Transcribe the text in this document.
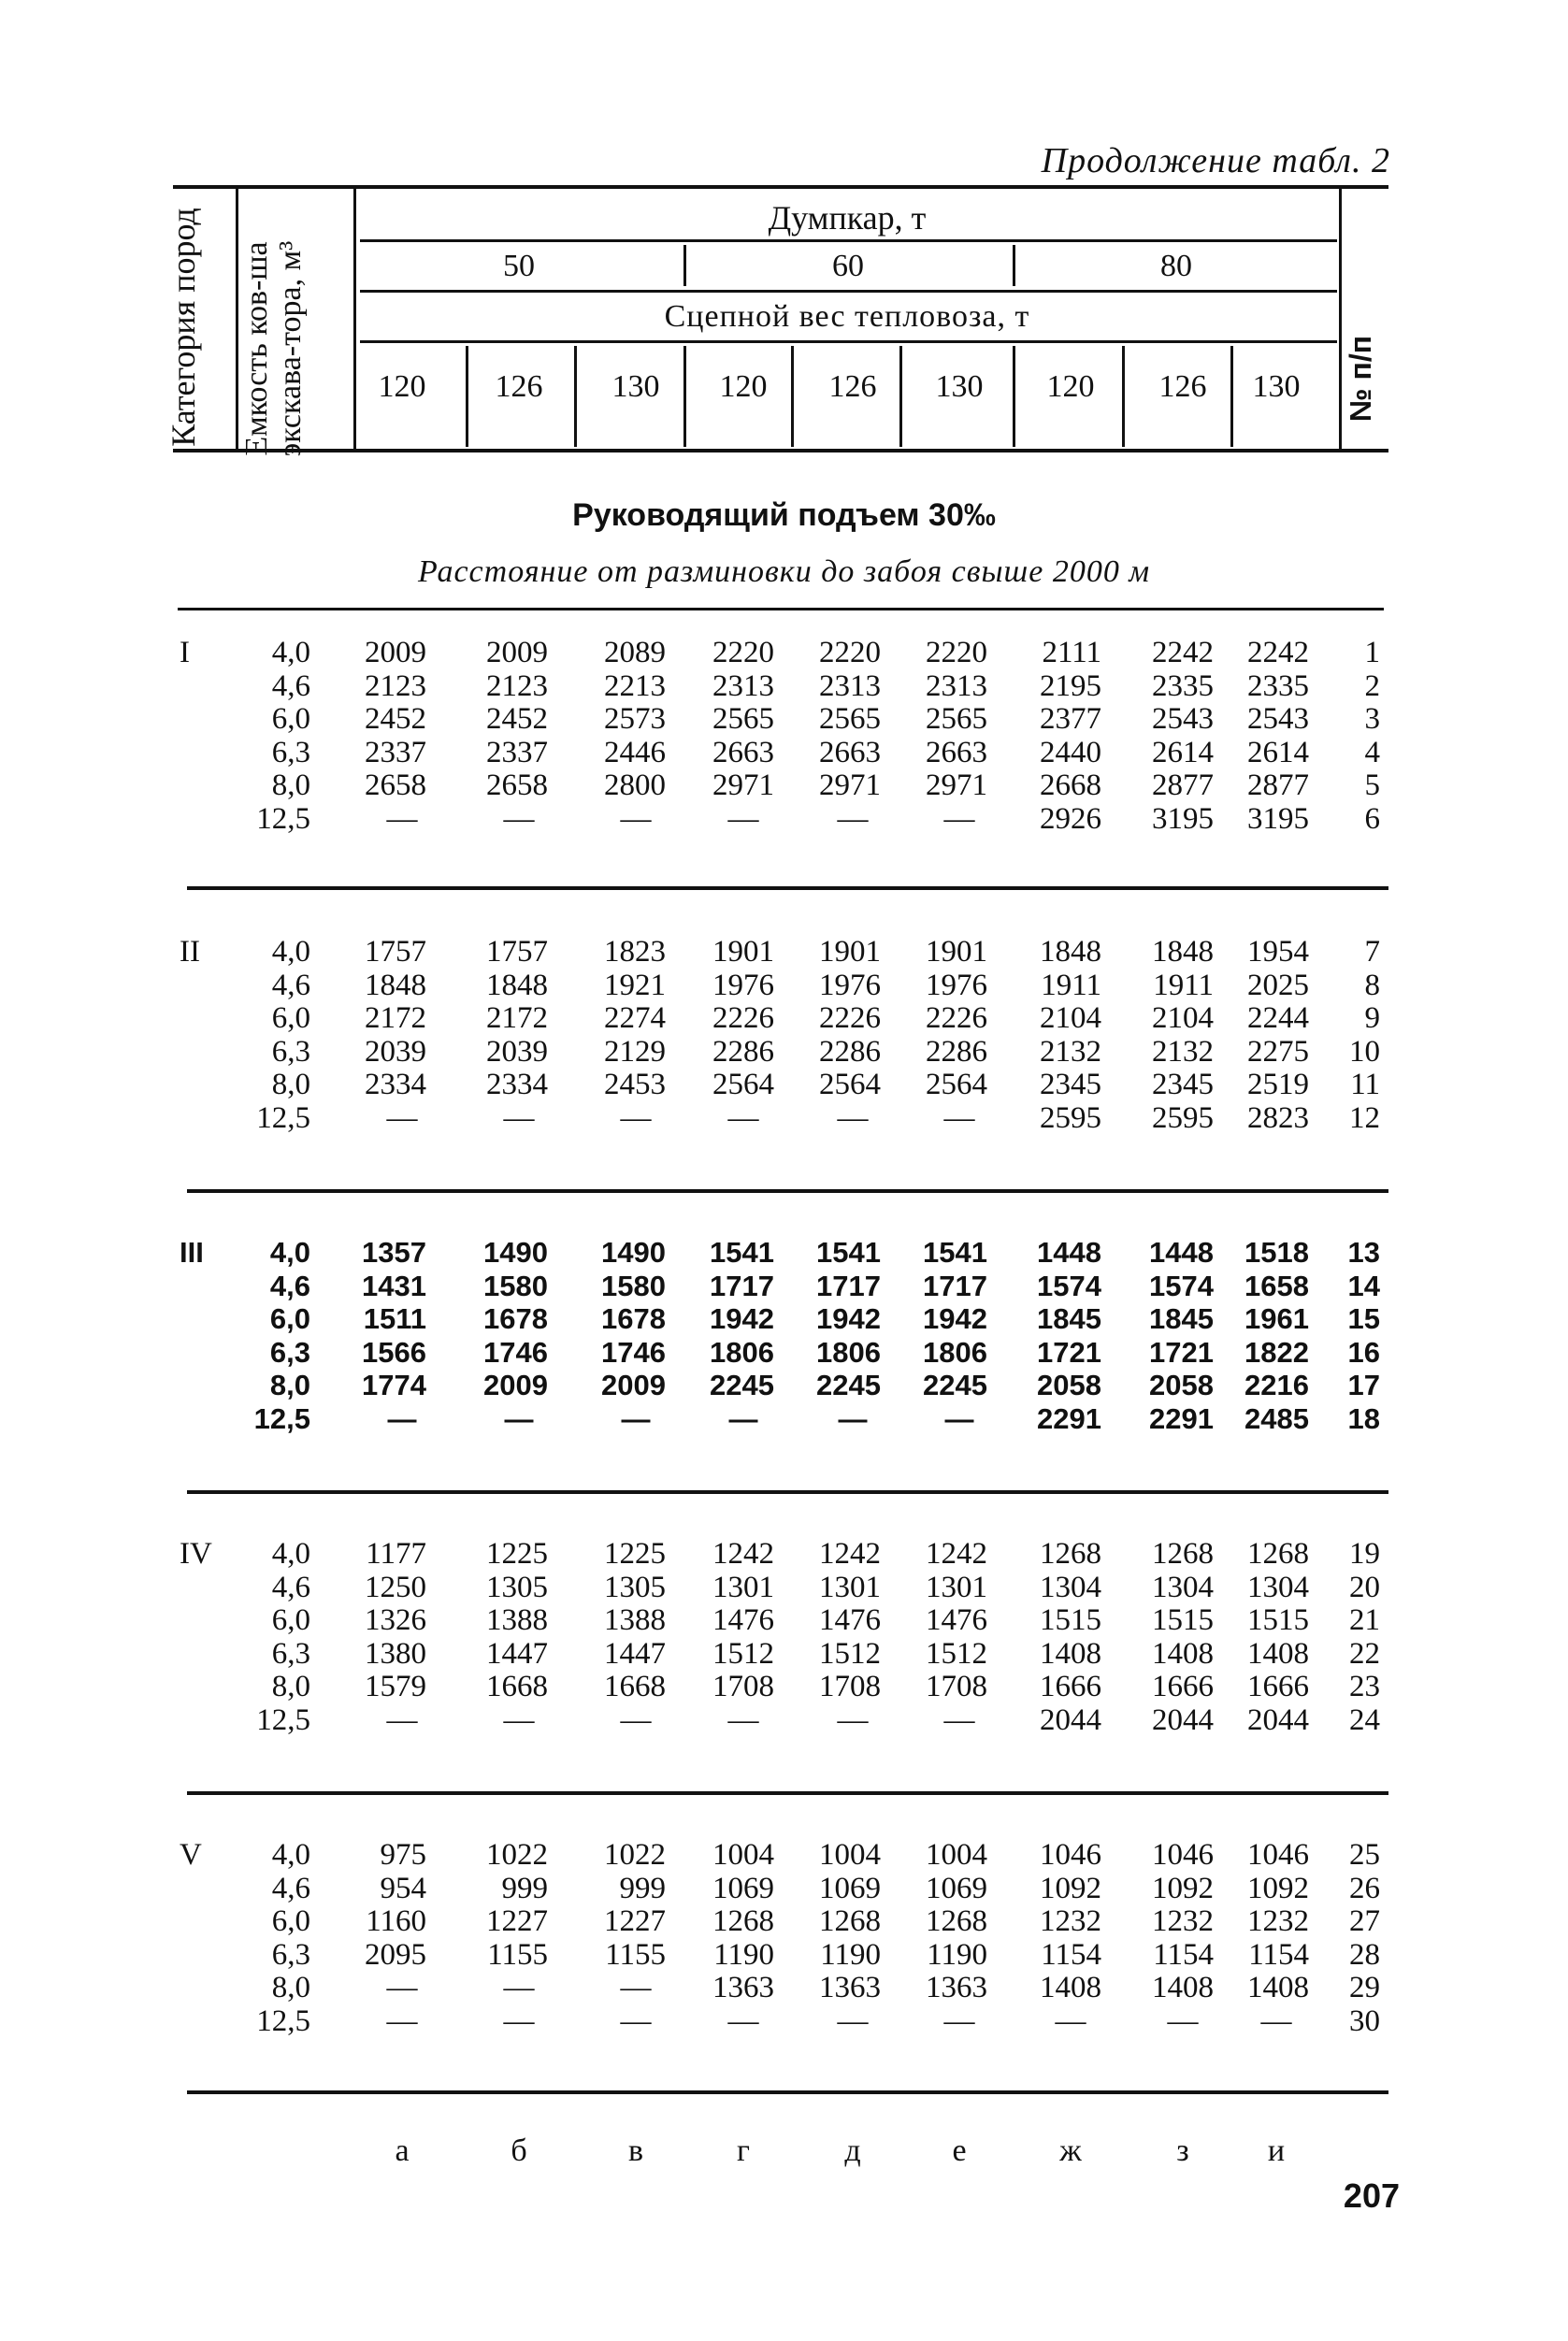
Продолжение табл. 2
Категория пород	Емкость ков-ша экскава-тора, м³	№ п/п
Думпкар, т
50	60	80
Сцепной вес тепловоза, т
120	126	130	120	126	130	120	126	130
Руководящий подъем 30‰
Расстояние от разминовки до забоя свыше 2000 м
I	4,0	2009	2009	2089	2220	2220	2220	2111	2242	2242	1
4,6	2123	2123	2213	2313	2313	2313	2195	2335	2335	2
6,0	2452	2452	2573	2565	2565	2565	2377	2543	2543	3
6,3	2337	2337	2446	2663	2663	2663	2440	2614	2614	4
8,0	2658	2658	2800	2971	2971	2971	2668	2877	2877	5
12,5	—	—	—	—	—	—	2926	3195	3195	6
II	4,0	1757	1757	1823	1901	1901	1901	1848	1848	1954	7
4,6	1848	1848	1921	1976	1976	1976	1911	1911	2025	8
6,0	2172	2172	2274	2226	2226	2226	2104	2104	2244	9
6,3	2039	2039	2129	2286	2286	2286	2132	2132	2275	10
8,0	2334	2334	2453	2564	2564	2564	2345	2345	2519	11
12,5	—	—	—	—	—	—	2595	2595	2823	12
III	4,0	1357	1490	1490	1541	1541	1541	1448	1448	1518	13
4,6	1431	1580	1580	1717	1717	1717	1574	1574	1658	14
6,0	1511	1678	1678	1942	1942	1942	1845	1845	1961	15
6,3	1566	1746	1746	1806	1806	1806	1721	1721	1822	16
8,0	1774	2009	2009	2245	2245	2245	2058	2058	2216	17
12,5	—	—	—	—	—	—	2291	2291	2485	18
IV	4,0	1177	1225	1225	1242	1242	1242	1268	1268	1268	19
4,6	1250	1305	1305	1301	1301	1301	1304	1304	1304	20
6,0	1326	1388	1388	1476	1476	1476	1515	1515	1515	21
6,3	1380	1447	1447	1512	1512	1512	1408	1408	1408	22
8,0	1579	1668	1668	1708	1708	1708	1666	1666	1666	23
12,5	—	—	—	—	—	—	2044	2044	2044	24
V	4,0	975	1022	1022	1004	1004	1004	1046	1046	1046	25
4,6	954	999	999	1069	1069	1069	1092	1092	1092	26
6,0	1160	1227	1227	1268	1268	1268	1232	1232	1232	27
6,3	2095	1155	1155	1190	1190	1190	1154	1154	1154	28
8,0	—	—	—	1363	1363	1363	1408	1408	1408	29
12,5	—	—	—	—	—	—	—	—	—	30
а	б	в	г	д	е	ж	з	и
207
